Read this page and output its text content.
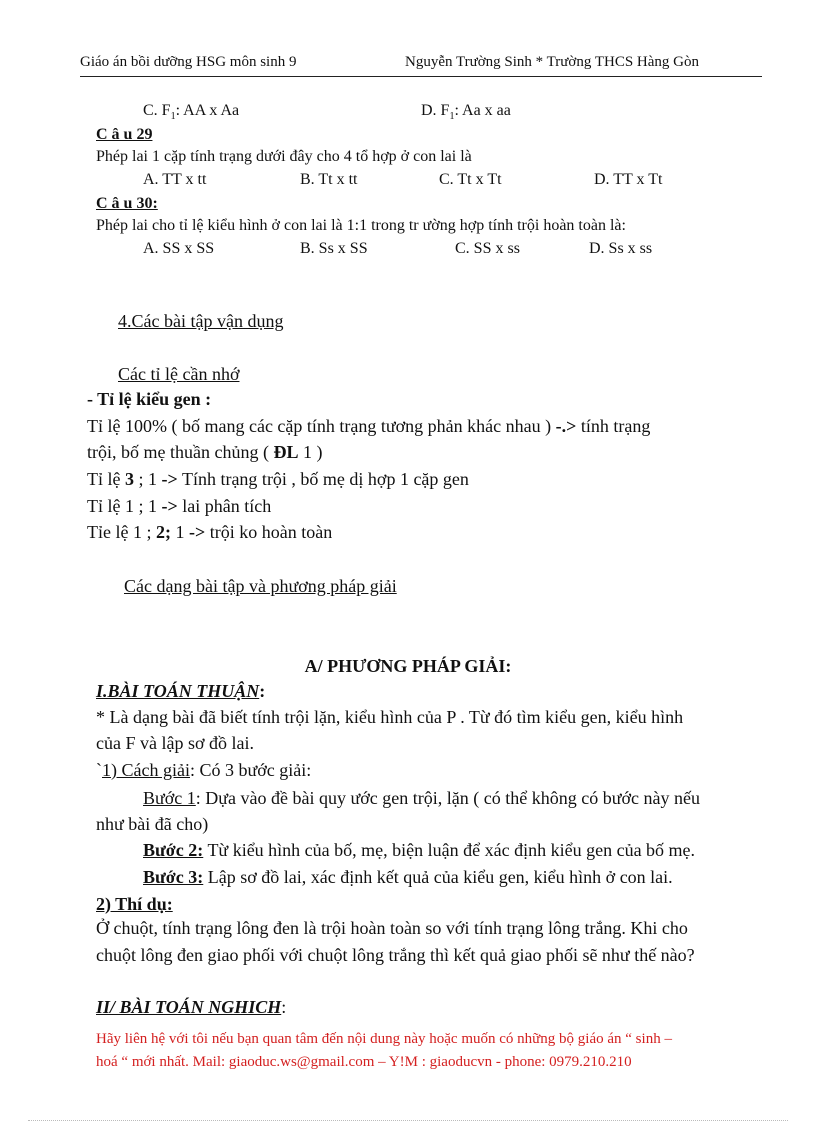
Giáo án bồi dưỡng HSG môn sinh 9	Nguyễn Trường Sinh * Trường THCS Hàng Gòn
C. $F_1$: AA x Aa	D. $F_1$: Aa x aa
C â u 29
Phép lai 1 cặp tính trạng dưới đây cho 4 tổ hợp ở con lai là
A. TT x tt	B. Tt x tt	C. Tt x Tt	D. TT x Tt
C â u 30:
Phép lai cho tỉ lệ kiểu hình ở con lai là 1:1 trong tr ường hợp tính trội hoàn toàn là:
A. SS x SS	B. Ss x SS	C. SS x ss	D. Ss x ss
4.Các bài tập vận dụng
Các tỉ lệ cần nhớ
- Tỉ lệ kiểu gen :
Tỉ lệ 100% ( bố mang các cặp tính trạng tương phản khác nhau ) -.> tính trạng
trội, bố mẹ thuần chủng ( ĐL 1 )
Tỉ lệ 3 ; 1 -> Tính trạng trội , bố mẹ dị hợp 1 cặp gen
Tỉ lệ 1 ; 1 -> lai phân tích
Tỉe lệ 1 ; 2; 1 -> trội ko hoàn toàn
Các dạng bài tập và phương pháp giải
A/ PHƯƠNG PHÁP GIẢI:
I.BÀI TOÁN THUẬN:
* Là dạng bài đã biết tính trội lặn, kiểu hình của P . Từ đó tìm kiểu gen, kiểu hình
của F và lập sơ đồ lai.
`1) Cách giải: Có 3 bước giải:
Bước 1: Dựa vào đề bài quy ước gen trội, lặn ( có thể không có bước này nếu
như bài đã cho)
Bước 2: Từ kiểu hình của bố, mẹ, biện luận để xác định kiểu gen của bố mẹ.
Bước 3: Lập sơ đồ lai, xác định kết quả của kiểu gen, kiểu hình ở con lai.
2) Thí dụ:
Ở chuột, tính trạng lông đen là trội hoàn toàn so với tính trạng lông trắng. Khi cho
chuột lông đen giao phối với chuột lông trắng thì kết quả giao phối sẽ như thế nào?
II/ BÀI TOÁN NGHICH:
Hãy liên hệ với tôi nếu bạn quan tâm đến nội dung này hoặc muốn có những bộ giáo án “ sinh –
hoá “ mới nhất. Mail: giaoduc.ws@gmail.com – Y!M : giaoducvn - phone: 0979.210.210
